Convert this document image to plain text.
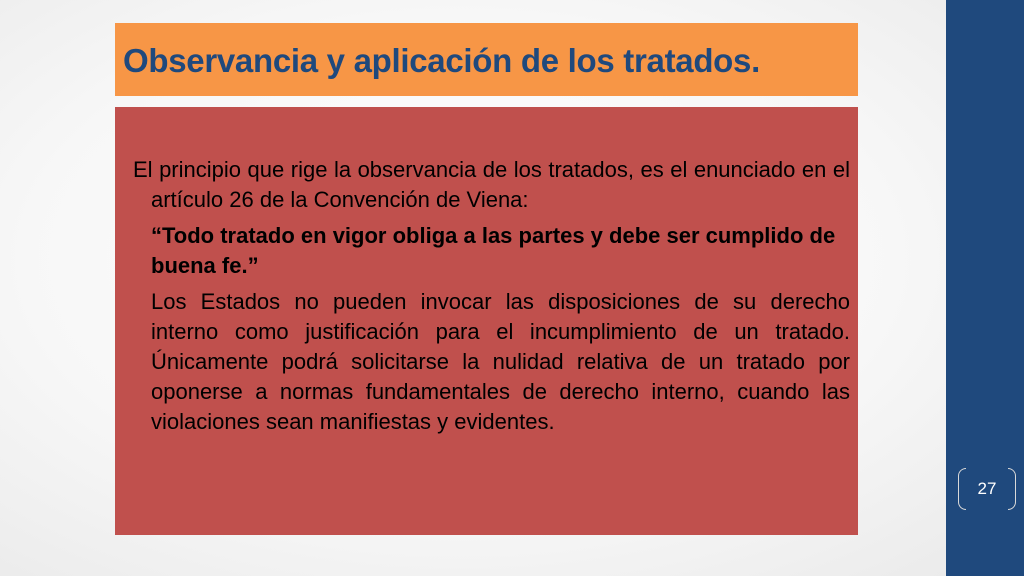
Observancia y aplicación de los tratados.

El principio que rige la observancia de los tratados, es el enunciado en el artículo 26 de la Convención de Viena:

“Todo tratado en vigor obliga a las partes y debe ser cumplido de buena fe.”

Los Estados no pueden invocar las disposiciones de su derecho interno como justificación para el incumplimiento de un tratado. Únicamente podrá solicitarse la nulidad relativa de un tratado por oponerse a normas fundamentales de derecho interno, cuando las violaciones sean manifiestas y evidentes.

27
